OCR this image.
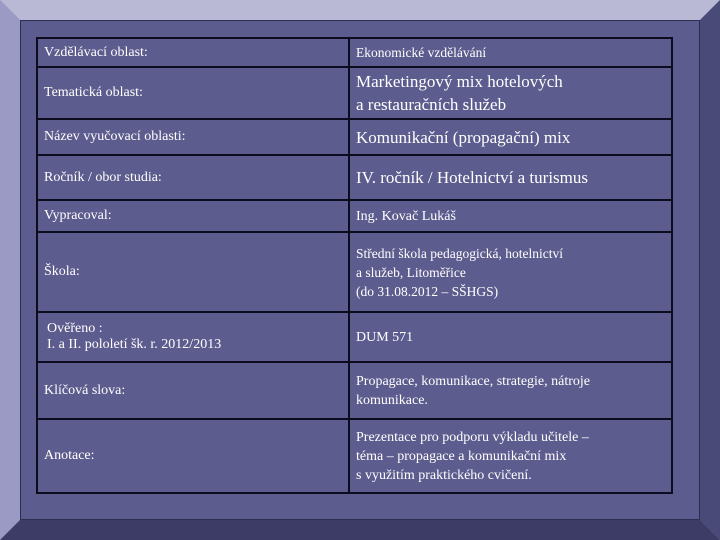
Vzdělávací oblast:	Ekonomické vzdělávání
Tematická oblast:	Marketingový mix hotelových
a restauračních služeb

Název vyučovací oblasti:	Komunikační (propagační) mix
Ročník / obor studia:	IV. ročník / Hotelnictví a turismus
Vypracoval:	Ing. Kovač Lukáš
Škola:	Střední škola pedagogická, hotelnictví
a služeb, Litoměřice
(do 31.08.2012 – SŠHGS)

Ověřeno :
I. a II. pololetí šk. r. 2012/2013	DUM 571
Klíčová slova:	Propagace, komunikace, strategie, nátroje
komunikace.

Anotace:	Prezentace pro podporu výkladu učitele –
téma – propagace a komunikační mix
s využitím praktického cvičení.
